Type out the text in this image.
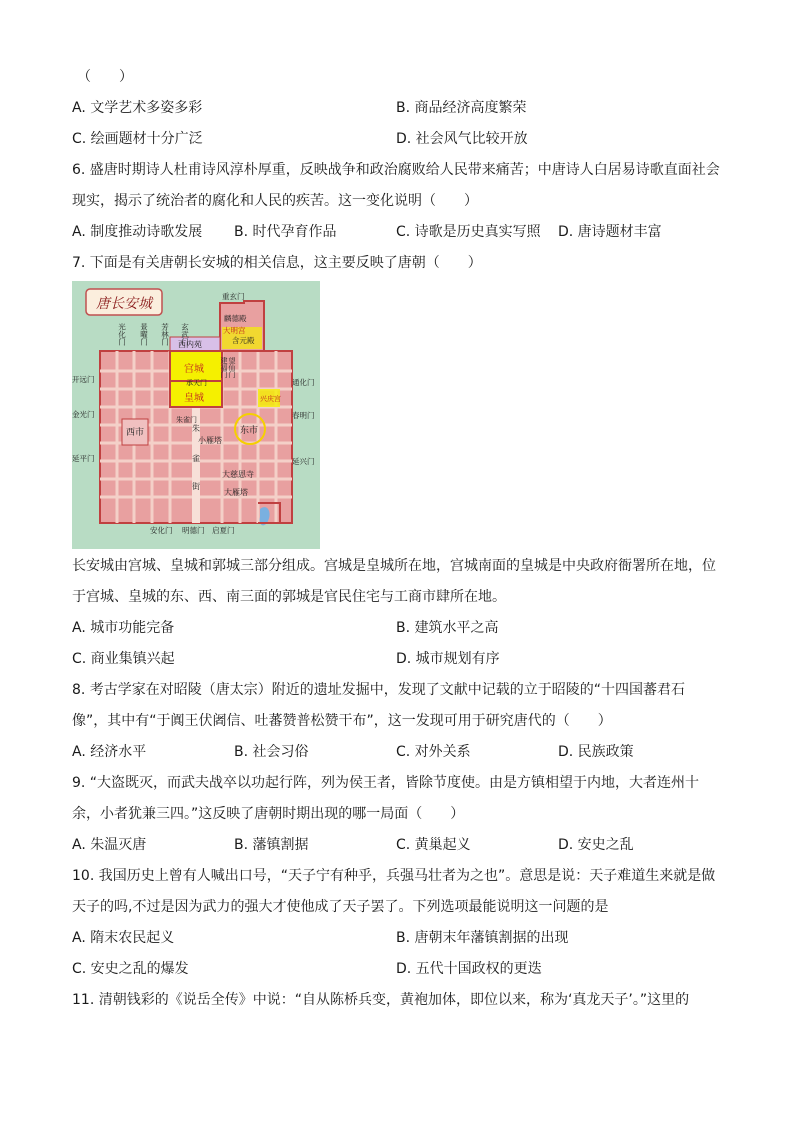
（　　）
A. 文学艺术多姿多彩	B. 商品经济高度繁荣
C. 绘画题材十分广泛	D. 社会风气比较开放
6. 盛唐时期诗人杜甫诗风淳朴厚重，反映战争和政治腐败给人民带来痛苦；中唐诗人白居易诗歌直面社会
现实，揭示了统治者的腐化和人民的疾苦。这一变化说明（　　）
A. 制度推动诗歌发展 B. 时代孕育作品	C. 诗歌是历史真实写照 D. 唐诗题材丰富
7. 下面是有关唐朝长安城的相关信息，这主要反映了唐朝（　　）
唐长安城	重玄门
光化门 景曜门 芳林门 玄武门
麟德殿
大明宫
含元殿
西内苑
宫城
承天门
皇城
朱雀门
建福门 望仙门
兴庆宫
开远门
金光门
延平门
通化门
春明门
延兴门
西市	东市
朱
小雁塔
雀
街
大慈恩寺
大雁塔
安化门 明德门 启夏门
长安城由宫城、皇城和郭城三部分组成。宫城是皇城所在地，宫城南面的皇城是中央政府衙署所在地，位
于宫城、皇城的东、西、南三面的郭城是官民住宅与工商市肆所在地。
A. 城市功能完备	B. 建筑水平之高
C. 商业集镇兴起	D. 城市规划有序
8. 考古学家在对昭陵（唐太宗）附近的遗址发掘中，发现了文献中记载的立于昭陵的“十四国蕃君石
像”，其中有“于阗王伏阇信、吐蕃赞普松赞干布”，这一发现可用于研究唐代的（　　）
A. 经济水平	B. 社会习俗	C. 对外关系	D. 民族政策
9. “大盗既灭，而武夫战卒以功起行阵，列为侯王者，皆除节度使。由是方镇相望于内地，大者连州十
余，小者犹兼三四。”这反映了唐朝时期出现的哪一局面（　　）
A. 朱温灭唐	B. 藩镇割据	C. 黄巢起义	D. 安史之乱
10. 我国历史上曾有人喊出口号，“天子宁有种乎，兵强马壮者为之也”。意思是说：天子难道生来就是做
天子的吗,不过是因为武力的强大才使他成了天子罢了。下列选项最能说明这一问题的是
A. 隋末农民起义	B. 唐朝末年藩镇割据的出现
C. 安史之乱的爆发	D. 五代十国政权的更迭
11. 清朝钱彩的《说岳全传》中说：“自从陈桥兵变，黄袍加体，即位以来，称为‘真龙天子’。”这里的
